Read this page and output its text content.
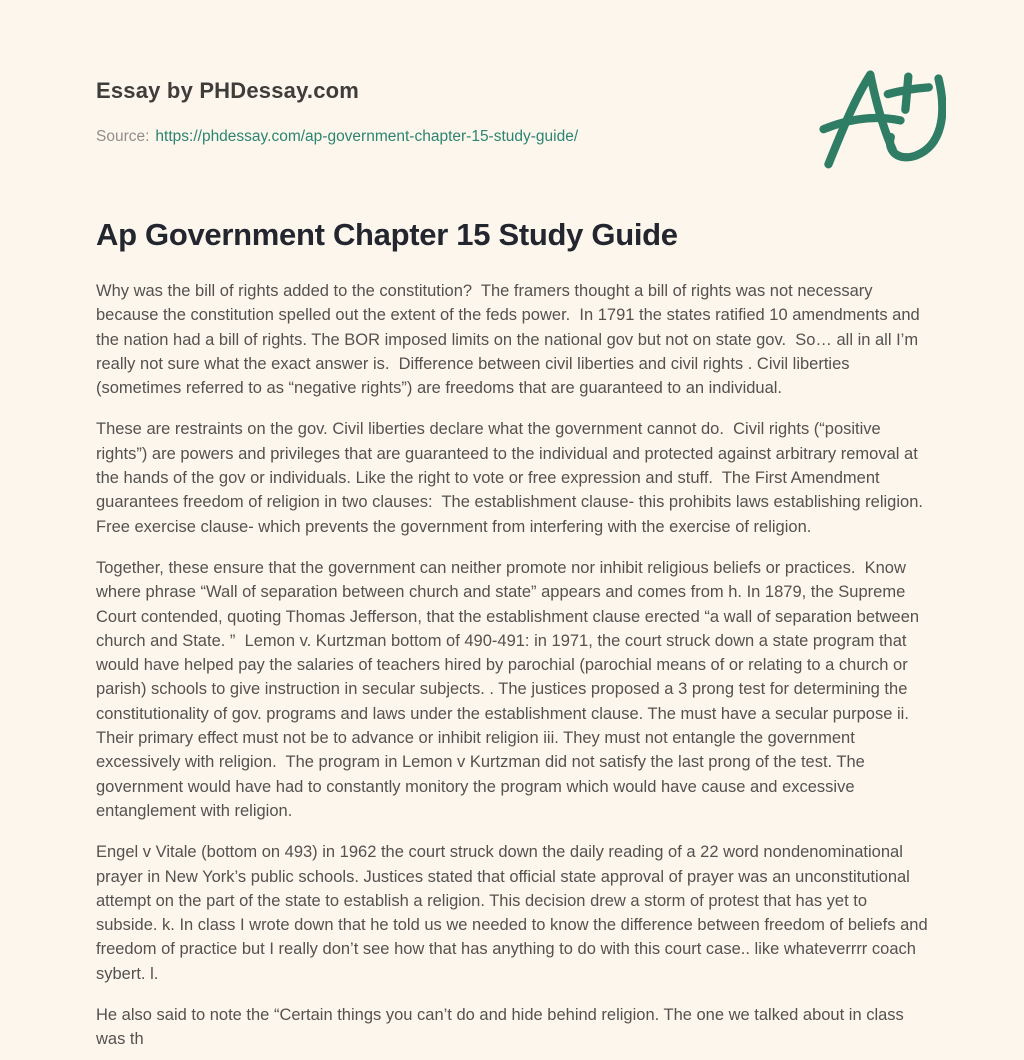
Essay by PHDessay.com
Source: https://phdessay.com/ap-government-chapter-15-study-guide/
Ap Government Chapter 15 Study Guide

Why was the bill of rights added to the constitution?  The framers thought a bill of rights was not necessary because the constitution spelled out the extent of the feds power.  In 1791 the states ratified 10 amendments and the nation had a bill of rights. The BOR imposed limits on the national gov but not on state gov.  So… all in all I’m really not sure what the exact answer is.  Difference between civil liberties and civil rights . Civil liberties (sometimes referred to as “negative rights”) are freedoms that are guaranteed to an individual.

These are restraints on the gov. Civil liberties declare what the government cannot do.  Civil rights (“positive rights”) are powers and privileges that are guaranteed to the individual and protected against arbitrary removal at the hands of the gov or individuals. Like the right to vote or free expression and stuff.  The First Amendment guarantees freedom of religion in two clauses:  The establishment clause- this prohibits laws establishing religion.  Free exercise clause- which prevents the government from interfering with the exercise of religion.

Together, these ensure that the government can neither promote nor inhibit religious beliefs or practices.  Know where phrase “Wall of separation between church and state” appears and comes from h. In 1879, the Supreme Court contended, quoting Thomas Jefferson, that the establishment clause erected “a wall of separation between church and State. ”  Lemon v. Kurtzman bottom of 490-491: in 1971, the court struck down a state program that would have helped pay the salaries of teachers hired by parochial (parochial means of or relating to a church or parish) schools to give instruction in secular subjects. . The justices proposed a 3 prong test for determining the constitutionality of gov. programs and laws under the establishment clause. The must have a secular purpose ii. Their primary effect must not be to advance or inhibit religion iii. They must not entangle the government excessively with religion.  The program in Lemon v Kurtzman did not satisfy the last prong of the test. The government would have had to constantly monitory the program which would have cause and excessive entanglement with religion.

Engel v Vitale (bottom on 493) in 1962 the court struck down the daily reading of a 22 word nondenominational prayer in New York’s public schools. Justices stated that official state approval of prayer was an unconstitutional attempt on the part of the state to establish a religion. This decision drew a storm of protest that has yet to subside. k. In class I wrote down that he told us we needed to know the difference between freedom of beliefs and freedom of practice but I really don’t see how that has anything to do with this court case.. like whateverrrr coach sybert. l.

He also said to note the “Certain things you can’t do and hide behind religion. The one we talked about in class was th
